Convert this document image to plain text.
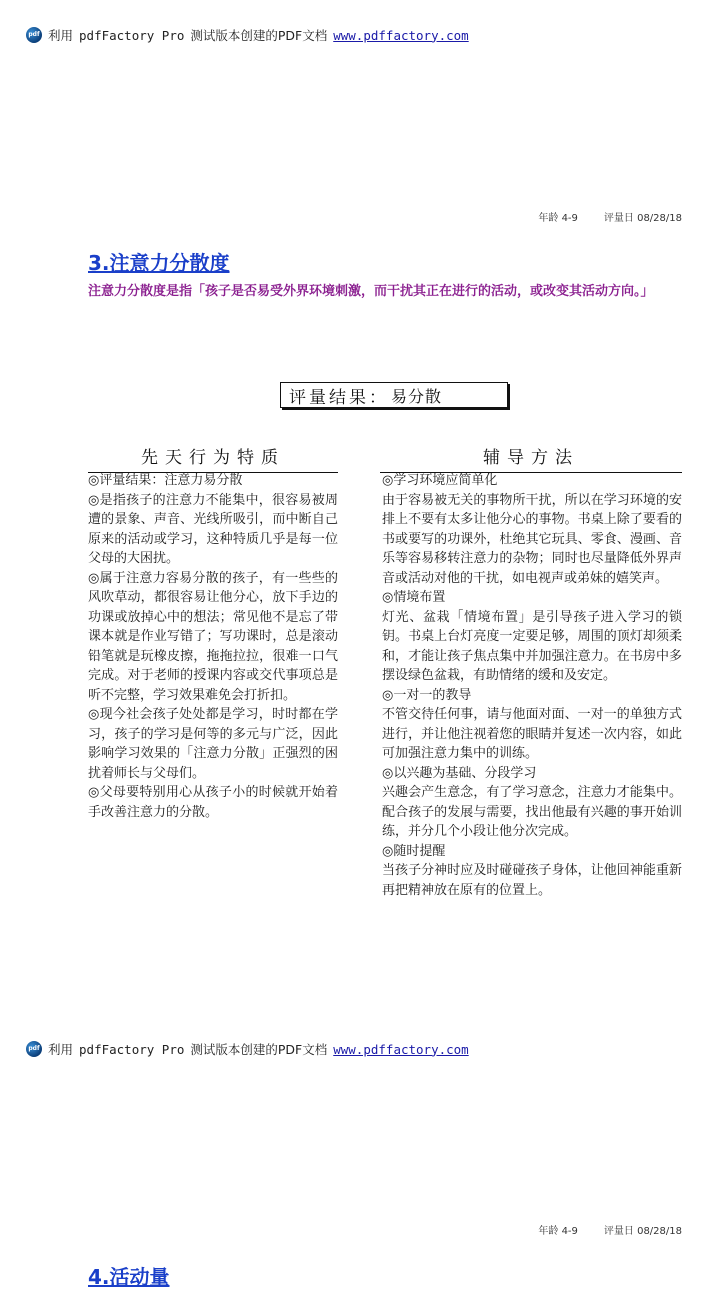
pdf 利用 pdfFactory Pro 测试版本创建的PDF文档 www.pdffactory.com
年龄 4-9	评量日 08/28/18
3.注意力分散度
注意力分散度是指「孩子是否易受外界环境刺激，而干扰其正在进行的活动，或改变其活动方向。」
评量结果： 易分散
先天行为特质	辅导方法

◎评量结果：注意力易分散

◎是指孩子的注意力不能集中，很容易被周遭的景象、声音、光线所吸引，而中断自己原来的活动或学习，这种特质几乎是每一位父母的大困扰。

◎属于注意力容易分散的孩子，有一些些的风吹草动，都很容易让他分心，放下手边的功课或放掉心中的想法；常见他不是忘了带课本就是作业写错了；写功课时，总是滚动铅笔就是玩橡皮擦，拖拖拉拉，很难一口气完成。对于老师的授课内容或交代事项总是听不完整，学习效果难免会打折扣。

◎现今社会孩子处处都是学习，时时都在学习，孩子的学习是何等的多元与广泛，因此影响学习效果的「注意力分散」正强烈的困扰着师长与父母们。

◎父母要特别用心从孩子小的时候就开始着手改善注意力的分散。

◎学习环境应简单化

由于容易被无关的事物所干扰，所以在学习环境的安排上不要有太多让他分心的事物。书桌上除了要看的书或要写的功课外，杜绝其它玩具、零食、漫画、音乐等容易移转注意力的杂物；同时也尽量降低外界声音或活动对他的干扰，如电视声或弟妹的嬉笑声。

◎情境布置

灯光、盆栽「情境布置」是引导孩子进入学习的锁钥。书桌上台灯亮度一定要足够，周围的顶灯却须柔和，才能让孩子焦点集中并加强注意力。在书房中多摆设绿色盆栽，有助情绪的缓和及安定。

◎一对一的教导

不管交待任何事，请与他面对面、一对一的单独方式进行，并让他注视着您的眼睛并复述一次内容，如此可加强注意力集中的训练。

◎以兴趣为基础、分段学习

兴趣会产生意念，有了学习意念，注意力才能集中。配合孩子的发展与需要，找出他最有兴趣的事开始训练，并分几个小段让他分次完成。

◎随时提醒

当孩子分神时应及时碰碰孩子身体，让他回神能重新再把精神放在原有的位置上。

pdf 利用 pdfFactory Pro 测试版本创建的PDF文档 www.pdffactory.com
年龄 4-9	评量日 08/28/18
4.活动量
